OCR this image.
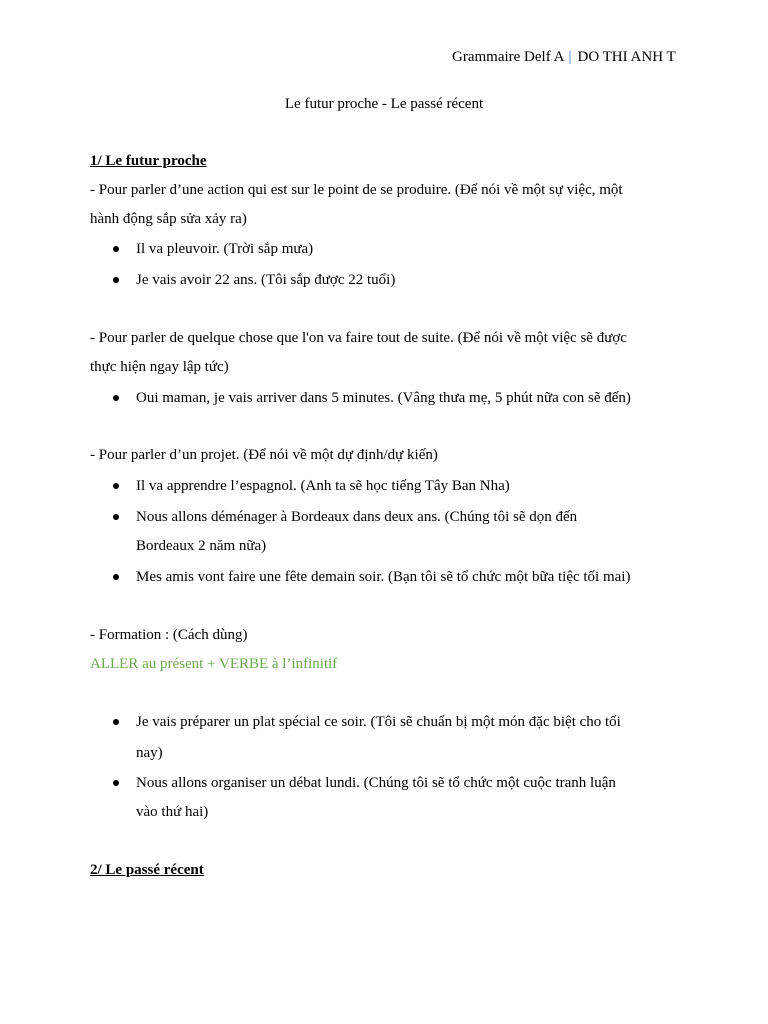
Grammaire Delf A | DO THI ANH T
Le futur proche - Le passé récent
1/ Le futur proche
- Pour parler d’une action qui est sur le point de se produire. (Để nói về một sự việc, một
hành động sắp sửa xảy ra)
Il va pleuvoir. (Trời sắp mưa)
Je vais avoir 22 ans. (Tôi sắp được 22 tuổi)
- Pour parler de quelque chose que l'on va faire tout de suite. (Để nói về một việc sẽ được
thực hiện ngay lập tức)
Oui maman, je vais arriver dans 5 minutes. (Vâng thưa mẹ, 5 phút nữa con sẽ đến)
- Pour parler d’un projet. (Để nói về một dự định/dự kiến)
Il va apprendre l’espagnol. (Anh ta sẽ học tiếng Tây Ban Nha)
Nous allons déménager à Bordeaux dans deux ans. (Chúng tôi sẽ dọn đến
Bordeaux 2 năm nữa)
Mes amis vont faire une fête demain soir. (Bạn tôi sẽ tổ chức một bữa tiệc tối mai)
- Formation : (Cách dùng)
ALLER au présent + VERBE à l’infinitif
Je vais préparer un plat spécial ce soir. (Tôi sẽ chuẩn bị một món đặc biệt cho tối
nay)
Nous allons organiser un débat lundi. (Chúng tôi sẽ tổ chức một cuộc tranh luận
vào thứ hai)
2/ Le passé récent
